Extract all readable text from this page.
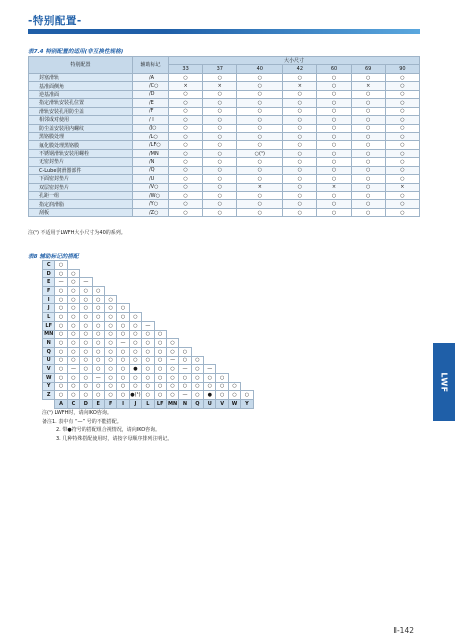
-特别配置-
表7.4 特别配置的适用(非互换性规格)
特别配置	辅助标记	大小尺寸						
		33	37	40	42	60	69	90
封塞滑轨	/A	○	○	○	○	○	○	○
基准面侧角	/C○	×	×	○	×	○	×	○
逆基准面	/D	○	○	○	○	○	○	○
指定滑轨安装孔位置	/E	○	○	○	○	○	○	○
滑轨安装孔用防尘盖	/F	○	○	○	○	○	○	○
相邻成对使用	/ I	○	○	○	○	○	○	○
防尘盖安装用内螺纹	/J○	○	○	○	○	○	○	○
黑铬膜处理	/L○	○	○	○	○	○	○	○
氟化膜处理黑铬膜	/LF○	○	○	○	○	○	○	○
不锈钢滑轨安装用螺栓	/MN	○	○	○(¹)	○	○	○	○
无密封垫片	/N	○	○	○	○	○	○	○
C-Lube润滑器部件	/Q	○	○	○	○	○	○	○
下面密封垫片	/U	○	○	○	○	○	○	○
双层密封垫片	/V○	○	○	×	○	×	○	×
孔距一组	/W○	○	○	○	○	○	○	○
指定润滑脂	/Y○	○	○	○	○	○	○	○
刮板	/Z○	○	○	○	○	○	○	○
注(¹) 不适用于LWFH大小尺寸为40的系列。
表8 辅助标记的搭配
C	○															
D	○	○														
E	—	○	—													
F	○	○	○	○												
I	○	○	○	○	○											
J	○	○	○	○	○	○										
L	○	○	○	○	○	○	○									
LF	○	○	○	○	○	○	○	—								
MN	○	○	○	○	○	○	○	○	○							
N	○	○	○	○	○	—	○	○	○	○						
Q	○	○	○	○	○	○	○	○	○	○	○					
U	○	○	○	○	○	○	○	○	○	—	○	○				
V	○	—	○	○	○	○	●	○	○	○	—	○	—			
W	○	○	○	—	○	○	○	○	○	○	○	○	○	○		
Y	○	○	○	○	○	○	○	○	○	○	○	○	○	○	○	
Z	○	○	○	○	○	○	●(¹)	○	○	○	—	○	●	○	○	○
	A	C	D	E	F	I	J	L	LF	MN	N	Q	U	V	W	Y
注(¹) LWFH时，请向IKO咨询。
备注1. 表中有 “—” 号的不能搭配。
2. 带●符号的搭配组合视情况，请向IKO咨询。
3. 几种特殊搭配使用时，请按字母顺序排列注明记。
LWF
Ⅱ-142
